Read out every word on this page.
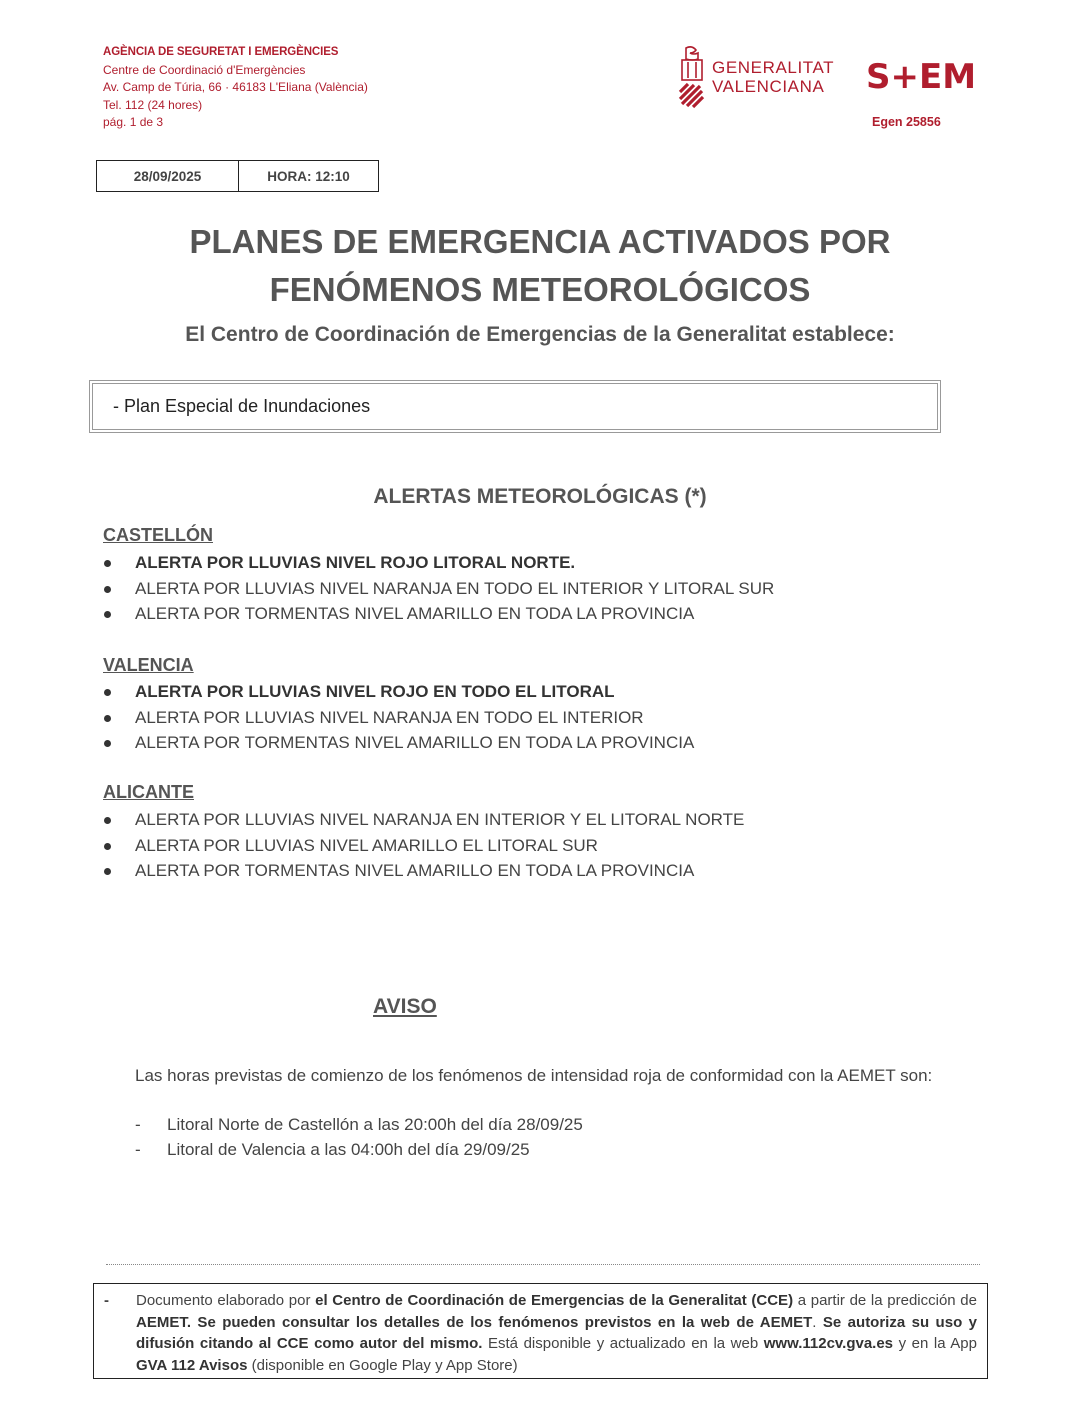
AGÈNCIA DE SEGURETAT I EMERGÈNCIES
Centre de Coordinació d'Emergències
Av. Camp de Túria, 66 · 46183 L'Eliana (València)
Tel. 112 (24 hores)
pág. 1 de 3
GENERALITAT
VALENCIANA S+EM
Egen 25856
28/09/2025	HORA: 12:10
PLANES DE EMERGENCIA ACTIVADOS POR
FENÓMENOS METEOROLÓGICOS
El Centro de Coordinación de Emergencias de la Generalitat establece:
- Plan Especial de Inundaciones
ALERTAS METEOROLÓGICAS (*)
CASTELLÓN
ALERTA POR LLUVIAS NIVEL ROJO LITORAL NORTE.
ALERTA POR LLUVIAS NIVEL NARANJA EN TODO EL INTERIOR Y LITORAL SUR
ALERTA POR TORMENTAS NIVEL AMARILLO EN TODA LA PROVINCIA
VALENCIA
ALERTA POR LLUVIAS NIVEL ROJO EN TODO EL LITORAL
ALERTA POR LLUVIAS NIVEL NARANJA EN TODO EL INTERIOR
ALERTA POR TORMENTAS NIVEL AMARILLO EN TODA LA PROVINCIA
ALICANTE
ALERTA POR LLUVIAS NIVEL NARANJA EN INTERIOR Y EL LITORAL NORTE
ALERTA POR LLUVIAS NIVEL AMARILLO EL LITORAL SUR
ALERTA POR TORMENTAS NIVEL AMARILLO EN TODA LA PROVINCIA
AVISO
Las horas previstas de comienzo de los fenómenos de intensidad roja de conformidad con la AEMET son:
- Litoral Norte de Castellón a las 20:00h del día 28/09/25
- Litoral de Valencia a las 04:00h del día 29/09/25
- Documento elaborado por el Centro de Coordinación de Emergencias de la Generalitat (CCE) a partir de la predicción de AEMET. Se pueden consultar los detalles de los fenómenos previstos en la web de AEMET. Se autoriza su uso y difusión citando al CCE como autor del mismo. Está disponible y actualizado en la web www.112cv.gva.es y en la App GVA 112 Avisos (disponible en Google Play y App Store)
